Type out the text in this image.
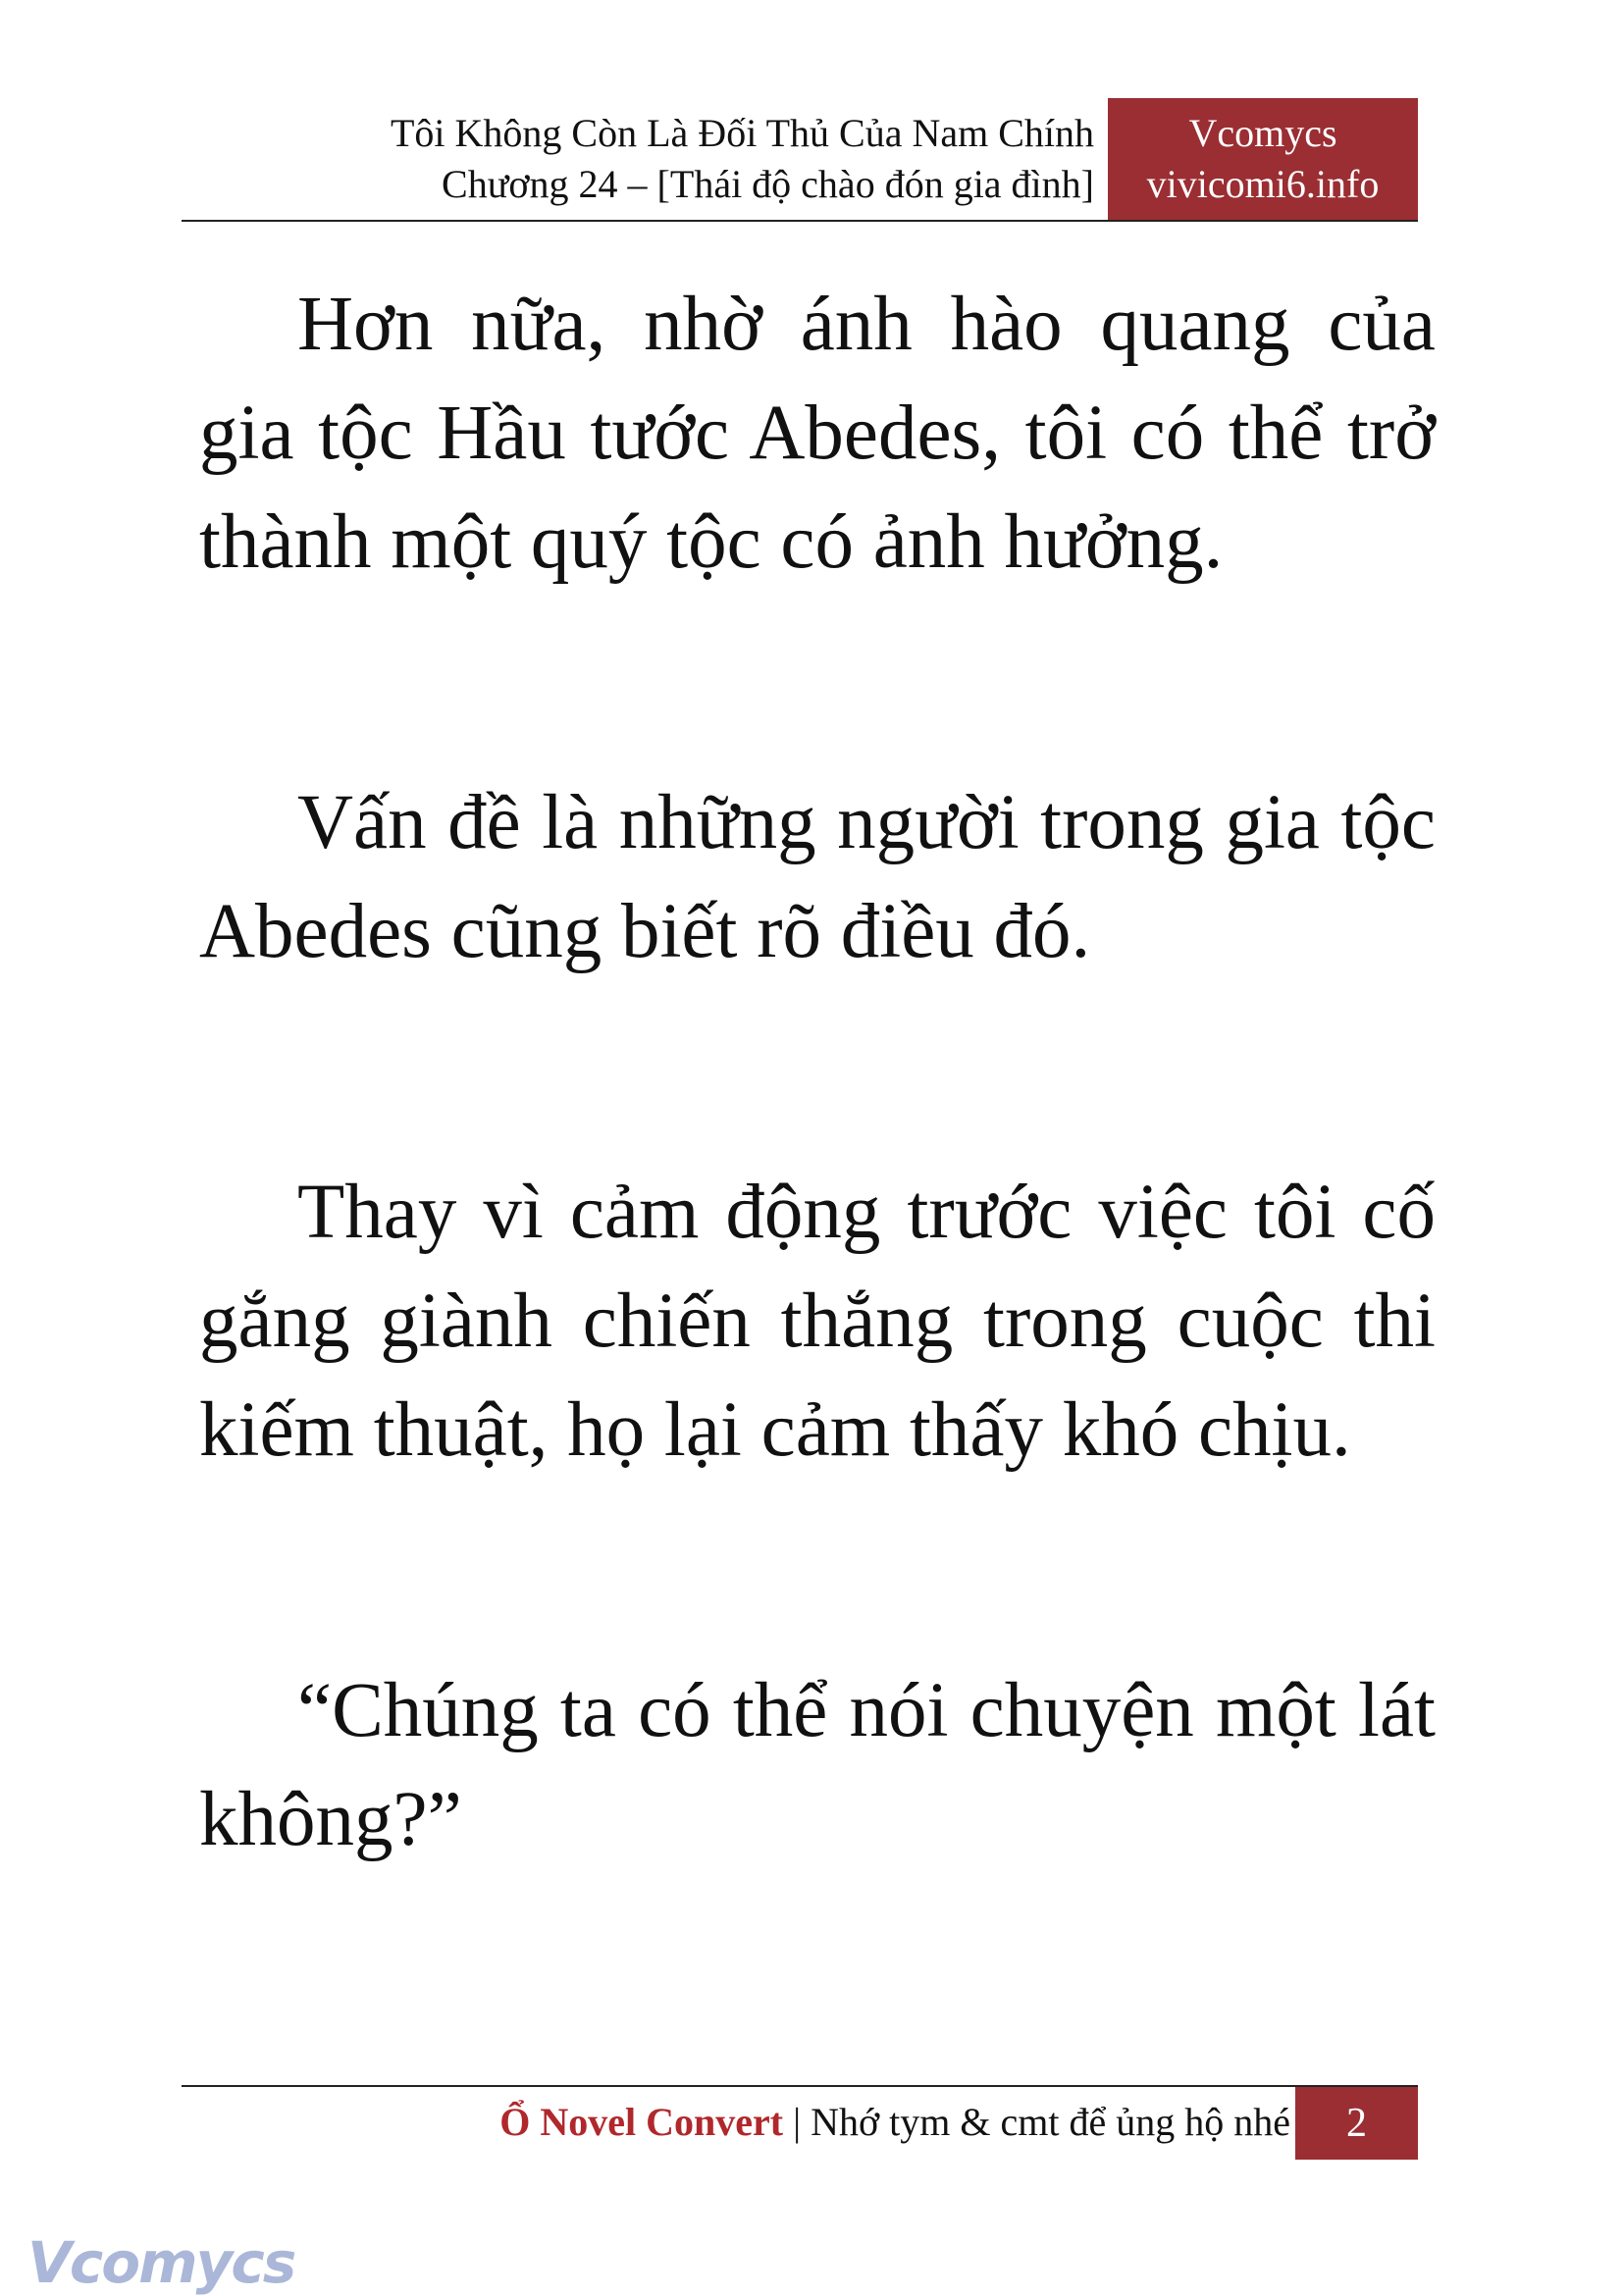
Tôi Không Còn Là Đối Thủ Của Nam Chính
Chương 24 – [Thái độ chào đón gia đình]
Vcomycs
vivicomi6.info

Hơn nữa, nhờ ánh hào quang của gia tộc Hầu tước Abedes, tôi có thể trở thành một quý tộc có ảnh hưởng.

Vấn đề là những người trong gia tộc Abedes cũng biết rõ điều đó.

Thay vì cảm động trước việc tôi cố gắng giành chiến thắng trong cuộc thi kiếm thuật, họ lại cảm thấy khó chịu.

“Chúng ta có thể nói chuyện một lát không?”

Ổ Novel Convert | Nhớ tym & cmt để ủng hộ nhé	2
Vcomycs
